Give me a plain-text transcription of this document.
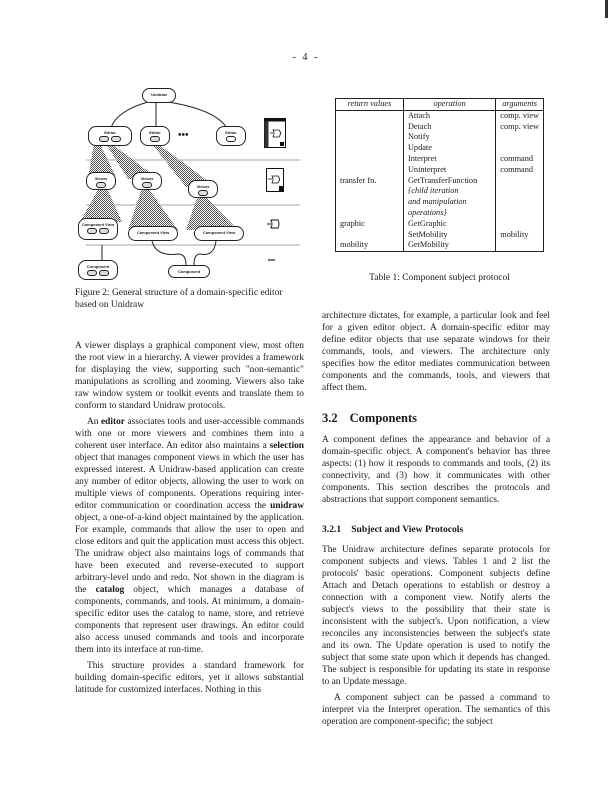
- 4 -
Unidraw
Editor	Editor	•••	Editor
Viewer	Viewer
Viewer
Component View
Component View	Component View
Component
Component
data
Figure 2: General structure of a domain-specific editor based on Unidraw
return values	operation	arguments
	Attach	comp. view
	Detach	comp. view
	Notify	
	Update	
	Interpret	command
	Uninterpret	command
transfer fn.	GetTransferFunction	
	{child iteration	
	and manipulation	
	operations}	
graphic	GetGraphic	
	SetMobility	mobility
mobility	GetMobility	
Table 1: Component subject protocol

A viewer displays a graphical component view, most often the root view in a hierarchy. A viewer provides a framework for displaying the view, supporting such "non-semantic" manipulations as scrolling and zooming. Viewers also take raw window system or toolkit events and translate them to conform to standard Unidraw protocols.

An editor associates tools and user-accessible commands with one or more viewers and combines them into a coherent user interface. An editor also maintains a selection object that manages component views in which the user has expressed interest. A Unidraw-based application can create any number of editor objects, allowing the user to work on multiple views of components. Operations requiring inter-editor communication or coordination access the unidraw object, a one-of-a-kind object maintained by the application. For example, commands that allow the user to open and close editors and quit the application must access this object. The unidraw object also maintains logs of commands that have been executed and reverse-executed to support arbitrary-level undo and redo. Not shown in the diagram is the catalog object, which manages a database of components, commands, and tools. At minimum, a domain-specific editor uses the catalog to name, store, and retrieve components that represent user drawings. An editor could also access unused commands and tools and incorporate them into its interface at run-time.

This structure provides a standard framework for building domain-specific editors, yet it allows substantial latitude for customized interfaces. Nothing in this

architecture dictates, for example, a particular look and feel for a given editor object. A domain-specific editor may define editor objects that use separate windows for their commands, tools, and viewers. The architecture only specifies how the editor mediates communication between components and the commands, tools, and viewers that affect them.

3.2 Components

A component defines the appearance and behavior of a domain-specific object. A component's behavior has three aspects: (1) how it responds to commands and tools, (2) its connectivity, and (3) how it communicates with other components. This section describes the protocols and abstractions that support component semantics.

3.2.1 Subject and View Protocols

The Unidraw architecture defines separate protocols for component subjects and views. Tables 1 and 2 list the protocols' basic operations. Component subjects define Attach and Detach operations to establish or destroy a connection with a component view. Notify alerts the subject's views to the possibility that their state is inconsistent with the subject's. Upon notification, a view reconciles any inconsistencies between the subject's state and its own. The Update operation is used to notify the subject that some state upon which it depends has changed. The subject is responsible for updating its state in response to an Update message.

A component subject can be passed a command to interpret via the Interpret operation. The semantics of this operation are component-specific; the subject
